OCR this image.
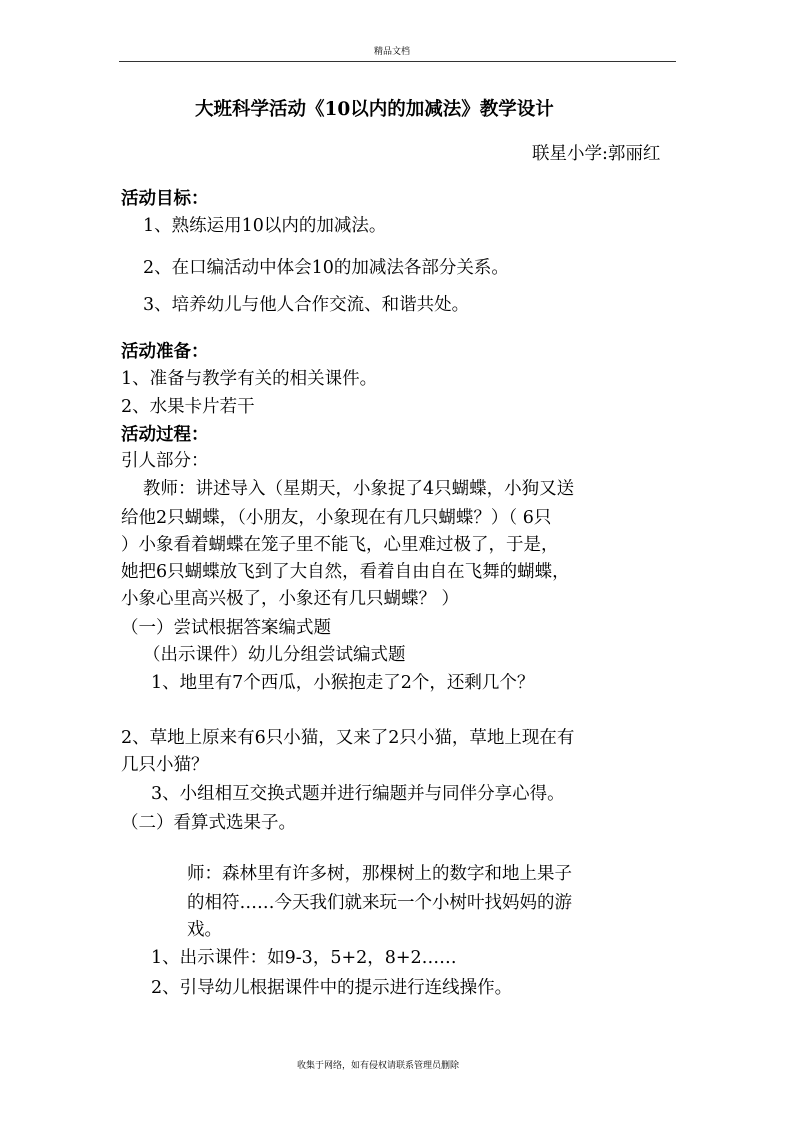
精品文档
大班科学活动《10以内的加减法》教学设计
联星小学:郭丽红
活动目标：
1、熟练运用10以内的加减法。
2、在口编活动中体会10的加减法各部分关系。
3、培养幼儿与他人合作交流、和谐共处。
活动准备：
1、准备与教学有关的相关课件。
2、水果卡片若干
活动过程：
引人部分：
教师：讲述导入（星期天，小象捉了4只蝴蝶，小狗又送
给他2只蝴蝶，（小朋友，小象现在有几只蝴蝶？）（ 6只
）小象看着蝴蝶在笼子里不能飞，心里难过极了，于是，
她把6只蝴蝶放飞到了大自然，看着自由自在飞舞的蝴蝶，
小象心里高兴极了，小象还有几只蝴蝶？ ）
（一）尝试根据答案编式题
（出示课件）幼儿分组尝试编式题
1、地里有7个西瓜，小猴抱走了2个，还剩几个？
2、草地上原来有6只小猫，又来了2只小猫，草地上现在有
几只小猫？
3、小组相互交换式题并进行编题并与同伴分享心得。
（二）看算式选果子。
师：森林里有许多树，那棵树上的数字和地上果子
的相符……今天我们就来玩一个小树叶找妈妈的游
戏。
1、出示课件：如9-3，5+2，8+2……
2、引导幼儿根据课件中的提示进行连线操作。
收集于网络，如有侵权请联系管理员删除
